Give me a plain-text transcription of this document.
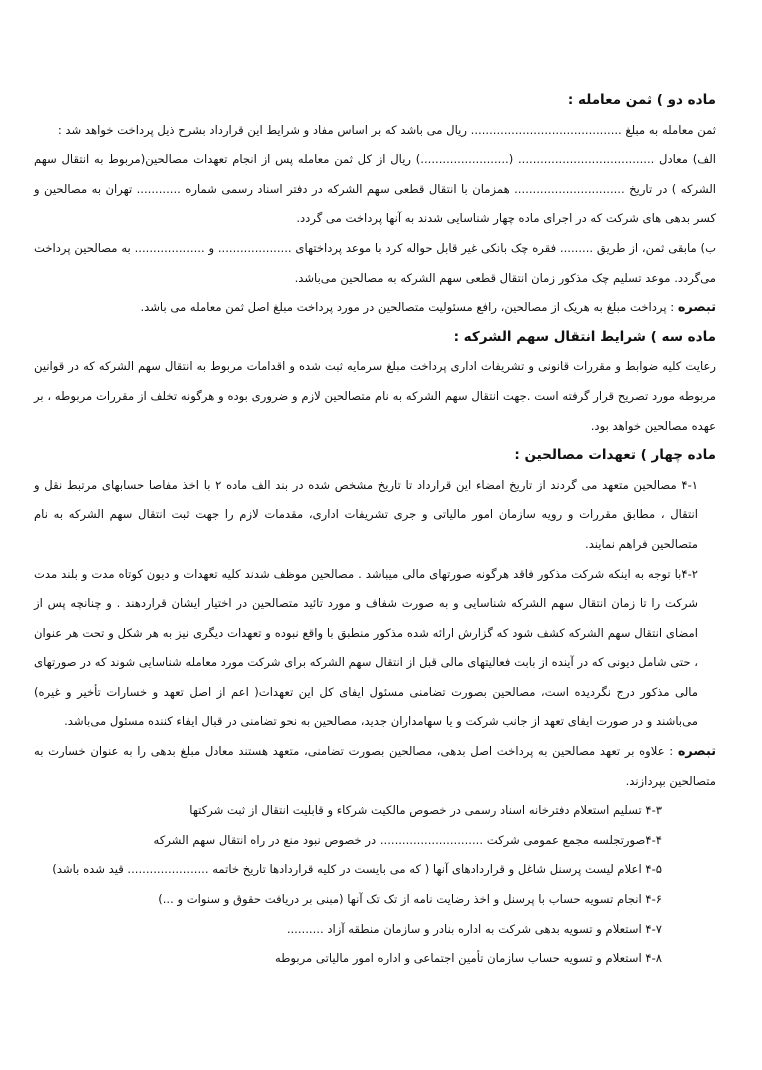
ماده دو ) ثمن معامله :

ثمن معامله به مبلغ ......................................... ریال می باشد که بر اساس مفاد و شرایط این قرارداد بشرح ذیل پرداخت خواهد شد :

الف) معادل ..................................... (........................) ریال از کل ثمن معامله پس از انجام تعهدات مصالحین(مربوط به انتقال سهم الشرکه ) در تاریخ .............................. همزمان با انتقال قطعی سهم الشرکه در دفتر اسناد رسمی شماره ............ تهران به مصالحین و کسر بدهی های شرکت که در اجرای ماده چهار شناسایی شدند به آنها پرداخت می گردد.

ب) مابقی ثمن، از طریق ......... فقره چک بانکی غیر قابل حواله کرد با موعد پرداختهای .................... و ................... به مصالحین پرداخت می‌گردد. موعد تسلیم چک مذکور زمان انتقال قطعی سهم الشرکه به مصالحین می‌باشد.

تبصره : پرداخت مبلغ به هریک از مصالحین، رافع مسئولیت متصالحین در مورد پرداخت مبلغ اصل ثمن معامله می باشد.

ماده سه ) شرایط انتقال سهم الشرکه :

رعایت کلیه ضوابط و مقررات قانونی و تشریفات اداری پرداخت مبلغ سرمایه ثبت شده و اقدامات مربوط به انتقال سهم الشرکه که در قوانین مربوطه مورد تصریح قرار گرفته است .جهت انتقال سهم الشرکه به نام متصالحین لازم و ضروری بوده و هرگونه تخلف از مقررات مربوطه ، بر عهده مصالحین خواهد بود.

ماده چهار ) تعهدات مصالحین :

۴-۱ مصالحین متعهد می گردند از تاریخ امضاء این قرارداد تا تاریخ مشخص شده در بند الف ماده ۲ با اخذ مفاصا حسابهای مرتبط نقل و انتقال ، مطابق مقررات و رویه سازمان امور مالیاتی و جری تشریفات اداری، مقدمات لازم را جهت ثبت انتقال سهم الشرکه به نام متصالحین فراهم نمایند.

۴-۲با توجه به اینکه شرکت مذکور فاقد هرگونه صورتهای مالی میباشد . مصالحین موظف شدند کلیه تعهدات و دیون کوتاه مدت و بلند مدت شرکت را تا زمان انتقال سهم الشرکه شناسایی و به صورت شفاف و مورد تائید متصالحین در اختیار ایشان قراردهند . و چنانچه پس از امضای انتقال سهم الشرکه کشف شود که گزارش ارائه شده مذکور منطبق با واقع نبوده و تعهدات دیگری نیز به هر شکل و تحت هر عنوان ، حتی شامل دیونی که در آینده از بابت فعالیتهای مالی قبل از انتقال سهم الشرکه برای شرکت مورد معامله شناسایی شوند که در صورتهای مالی مذکور درج نگردیده است، مصالحین بصورت تضامنی مسئول ایفای کل این تعهدات( اعم از اصل تعهد و خسارات تأخیر و غیره) می‌باشند و در صورت ایفای تعهد از جانب شرکت و یا سهامداران جدید، مصالحین به نحو تضامنی در قبال ایفاء کننده مسئول می‌باشد.

تبصره : علاوه بر تعهد مصالحین به پرداخت اصل بدهی، مصالحین بصورت تضامنی، متعهد هستند معادل مبلغ بدهی را به عنوان خسارت به متصالحین بپردازند.

۴-۳ تسلیم استعلام دفترخانه اسناد رسمی در خصوص مالکیت شرکاء و قابلیت انتقال از ثبت شرکتها

۴-۴صورتجلسه مجمع عمومی شرکت ............................ در خصوص نبود منع در راه انتقال سهم الشرکه

۴-۵ اعلام لیست پرسنل شاغل و قراردادهای آنها ( که می بایست در کلیه قراردادها تاریخ خاتمه ...................... قید شده باشد)

۴-۶ انجام تسویه حساب با پرسنل و اخذ رضایت نامه از تک تک آنها (مبنی بر دریافت حقوق و سنوات و ...)

۴-۷ استعلام و تسویه بدهی شرکت به اداره بنادر و سازمان منطقه آزاد ..........

۴-۸ استعلام و تسویه حساب سازمان تأمین اجتماعی و اداره امور مالیاتی مربوطه
